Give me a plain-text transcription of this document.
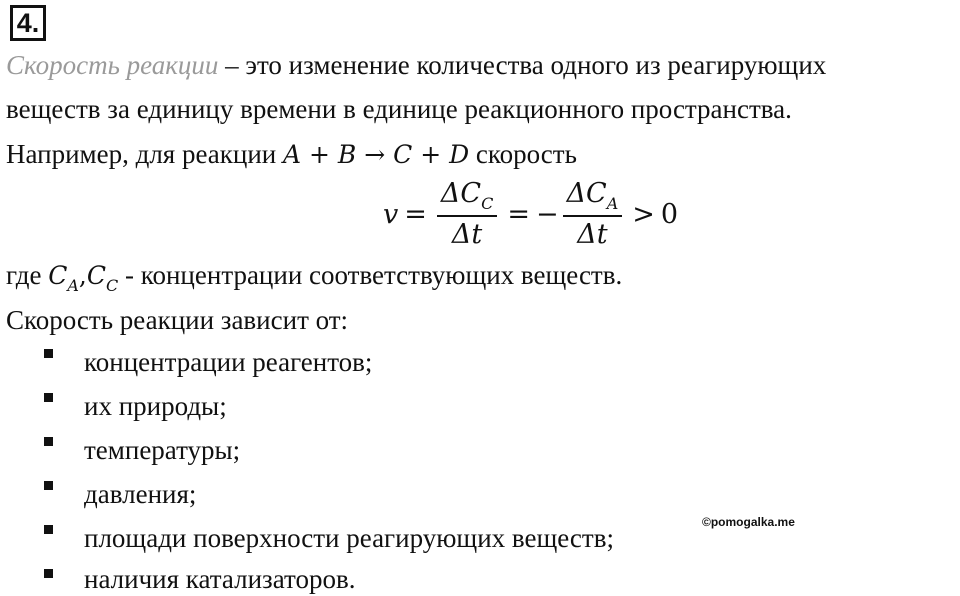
4.
Скорость реакции – это изменение количества одного из реагирующих
веществ за единицу времени в единице реакционного пространства.
Например, для реакции A + B → C + D скорость
$v = \frac{\Delta C_C}{\Delta t}$ = − $\frac{\Delta C_A}{\Delta t} > 0$
где $C_A,C_C$ - концентрации соответствующих веществ.
Скорость реакции зависит от:
концентрации реагентов;
их природы;
температуры;
давления;
площади поверхности реагирующих веществ;
наличия катализаторов.
©pomogalka.me
